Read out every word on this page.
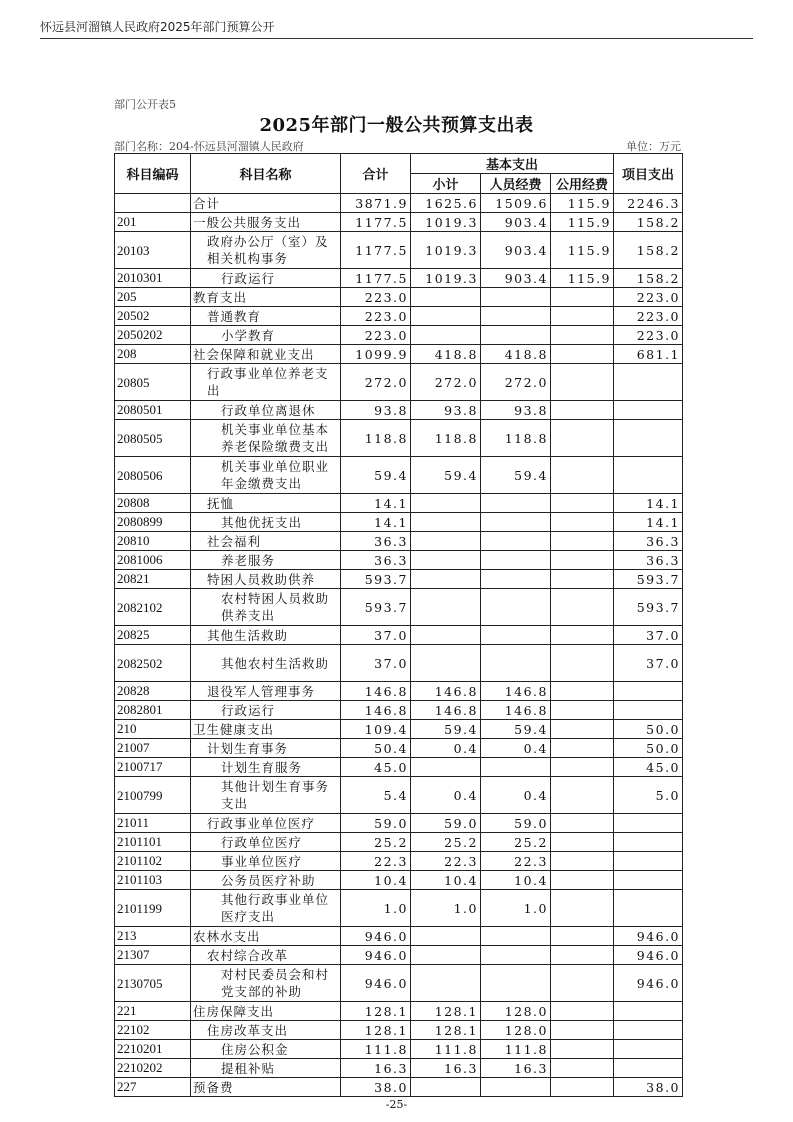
怀远县河溜镇人民政府2025年部门预算公开
部门公开表5
2025年部门一般公共预算支出表
部门名称：204-怀远县河溜镇人民政府	单位：万元
科目编码	科目名称	合计	基本支出			项目支出
			小计	人员经费	公用经费	
	合计	3871.9	1625.6	1509.6	115.9	2246.3
201	一般公共服务支出	1177.5	1019.3	903.4	115.9	158.2
20103	政府办公厅（室）及相关机构事务	1177.5	1019.3	903.4	115.9	158.2
2010301	行政运行	1177.5	1019.3	903.4	115.9	158.2
205	教育支出	223.0				223.0
20502	普通教育	223.0				223.0
2050202	小学教育	223.0				223.0
208	社会保障和就业支出	1099.9	418.8	418.8		681.1
20805	行政事业单位养老支出	272.0	272.0	272.0		
2080501	行政单位离退休	93.8	93.8	93.8		
2080505	机关事业单位基本养老保险缴费支出	118.8	118.8	118.8		
2080506	机关事业单位职业年金缴费支出	59.4	59.4	59.4		
20808	抚恤	14.1				14.1
2080899	其他优抚支出	14.1				14.1
20810	社会福利	36.3				36.3
2081006	养老服务	36.3				36.3
20821	特困人员救助供养	593.7				593.7
2082102	农村特困人员救助供养支出	593.7				593.7
20825	其他生活救助	37.0				37.0
2082502	其他农村生活救助	37.0				37.0
20828	退役军人管理事务	146.8	146.8	146.8		
2082801	行政运行	146.8	146.8	146.8		
210	卫生健康支出	109.4	59.4	59.4		50.0
21007	计划生育事务	50.4	0.4	0.4		50.0
2100717	计划生育服务	45.0				45.0
2100799	其他计划生育事务支出	5.4	0.4	0.4		5.0
21011	行政事业单位医疗	59.0	59.0	59.0		
2101101	行政单位医疗	25.2	25.2	25.2		
2101102	事业单位医疗	22.3	22.3	22.3		
2101103	公务员医疗补助	10.4	10.4	10.4		
2101199	其他行政事业单位医疗支出	1.0	1.0	1.0		
213	农林水支出	946.0				946.0
21307	农村综合改革	946.0				946.0
2130705	对村民委员会和村党支部的补助	946.0				946.0
221	住房保障支出	128.1	128.1	128.0		
22102	住房改革支出	128.1	128.1	128.0		
2210201	住房公积金	111.8	111.8	111.8		
2210202	提租补贴	16.3	16.3	16.3		
227	预备费	38.0				38.0
-25-
